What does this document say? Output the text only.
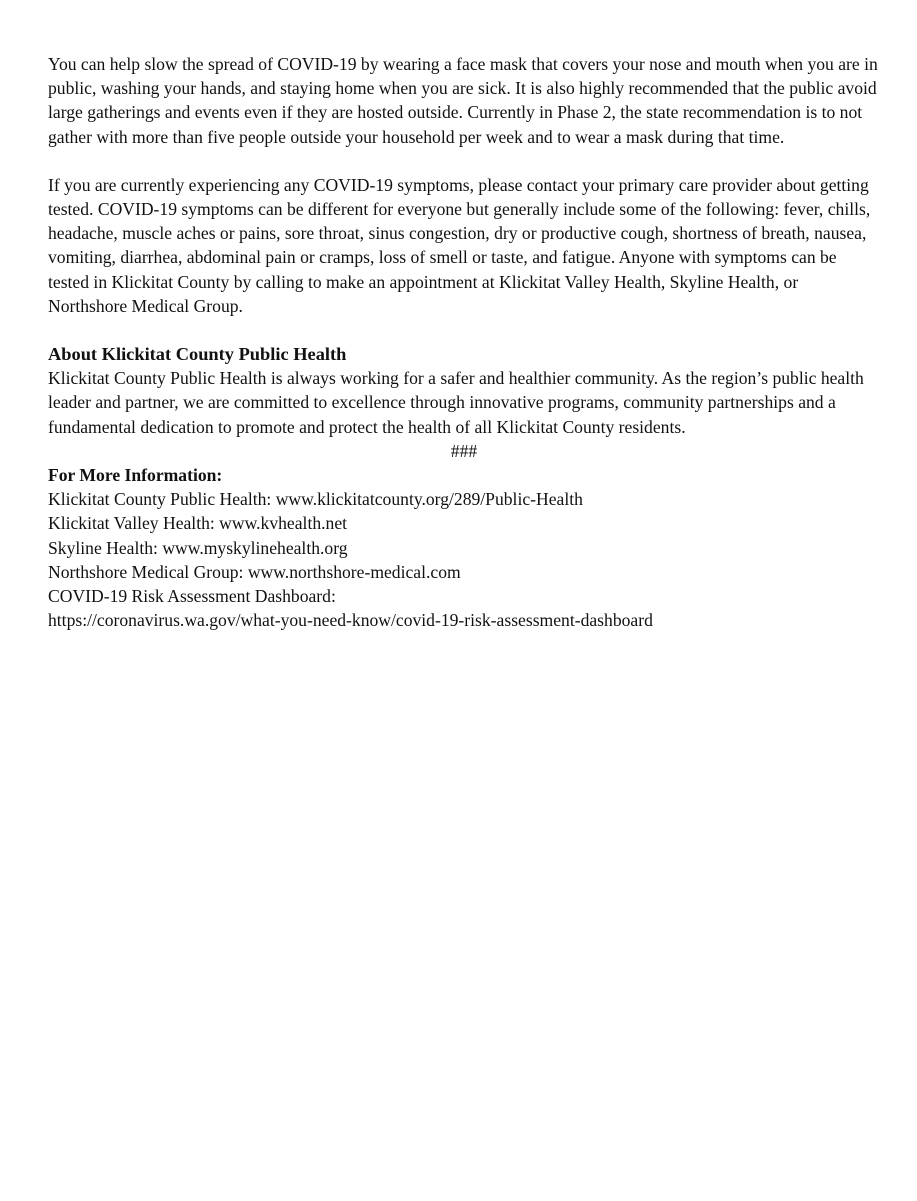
You can help slow the spread of COVID-19 by wearing a face mask that covers your nose and mouth when you are in public, washing your hands, and staying home when you are sick. It is also highly recommended that the public avoid large gatherings and events even if they are hosted outside. Currently in Phase 2, the state recommendation is to not gather with more than five people outside your household per week and to wear a mask during that time.

If you are currently experiencing any COVID-19 symptoms, please contact your primary care provider about getting tested. COVID-19 symptoms can be different for everyone but generally include some of the following: fever, chills, headache, muscle aches or pains, sore throat, sinus congestion, dry or productive cough, shortness of breath, nausea, vomiting, diarrhea, abdominal pain or cramps, loss of smell or taste, and fatigue. Anyone with symptoms can be tested in Klickitat County by calling to make an appointment at Klickitat Valley Health, Skyline Health, or Northshore Medical Group.

About Klickitat County Public Health

Klickitat County Public Health is always working for a safer and healthier community. As the region’s public health leader and partner, we are committed to excellence through innovative programs, community partnerships and a fundamental dedication to promote and protect the health of all Klickitat County residents.

###

For More Information:

Klickitat County Public Health: www.klickitatcounty.org/289/Public-Health
Klickitat Valley Health: www.kvhealth.net
Skyline Health: www.myskylinehealth.org
Northshore Medical Group: www.northshore-medical.com
COVID-19 Risk Assessment Dashboard:
https://coronavirus.wa.gov/what-you-need-know/covid-19-risk-assessment-dashboard
